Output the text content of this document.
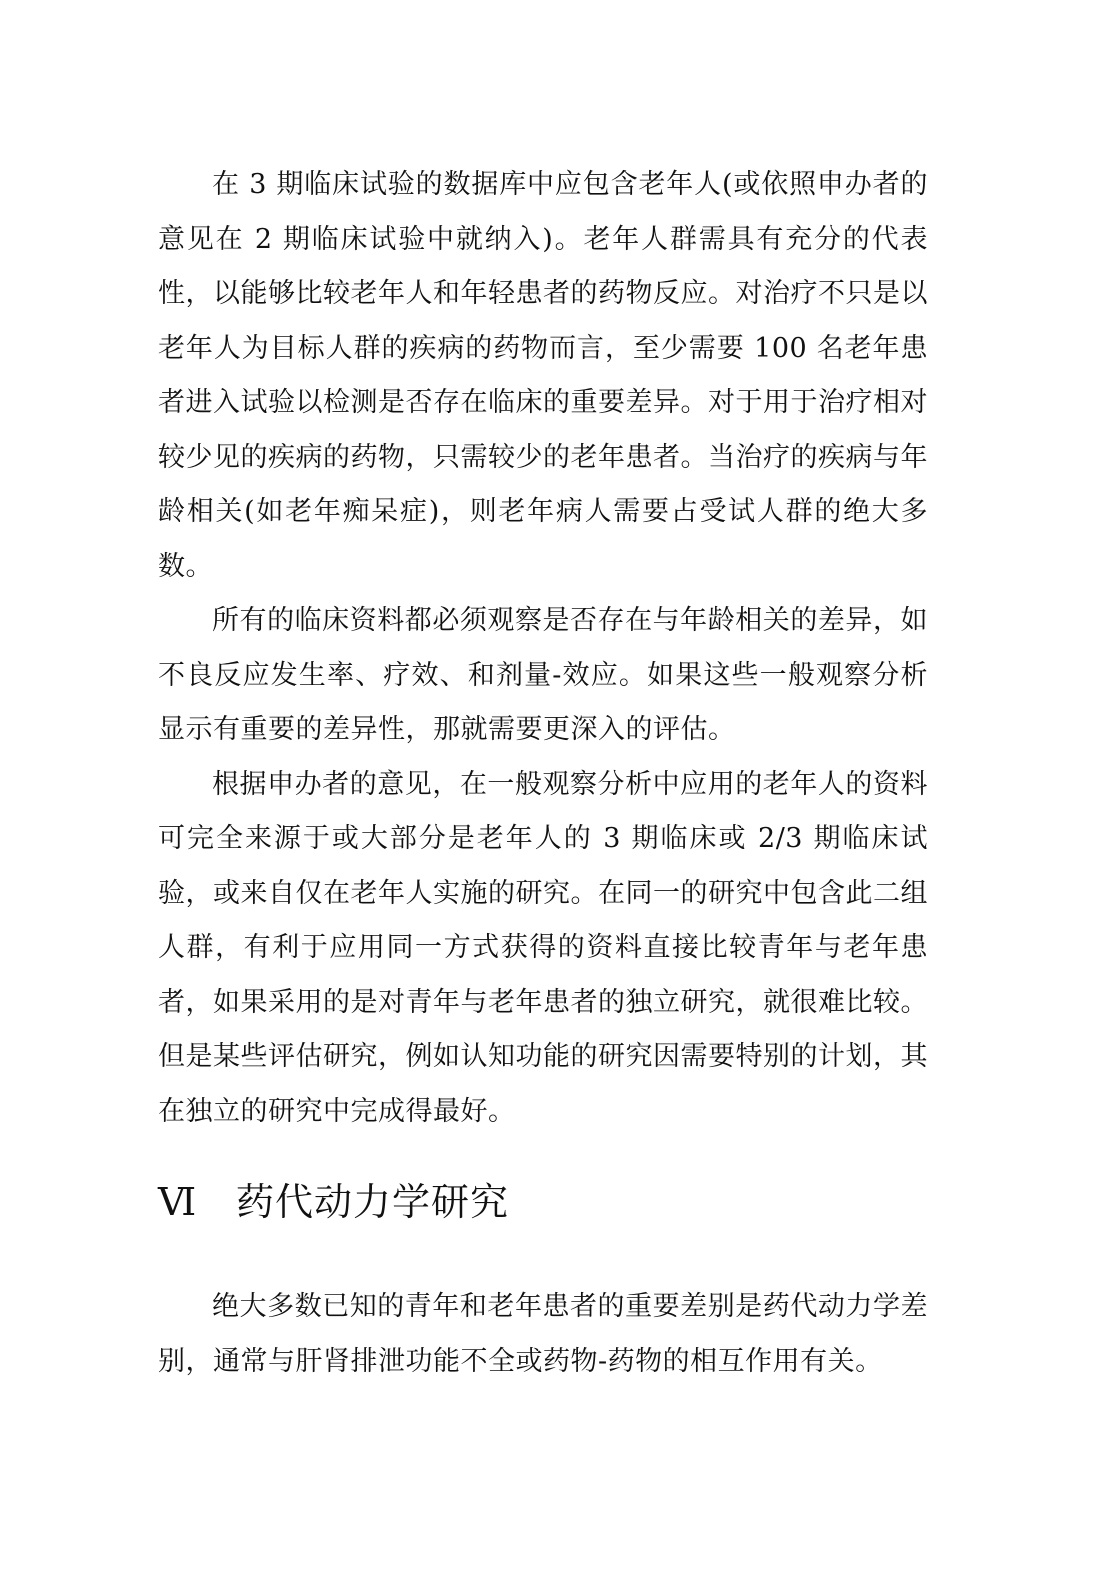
在 3 期临床试验的数据库中应包含老年人(或依照申办者的意见在 2 期临床试验中就纳入)。老年人群需具有充分的代表性，以能够比较老年人和年轻患者的药物反应。对治疗不只是以老年人为目标人群的疾病的药物而言，至少需要 100 名老年患者进入试验以检测是否存在临床的重要差异。对于用于治疗相对较少见的疾病的药物，只需较少的老年患者。当治疗的疾病与年龄相关(如老年痴呆症)，则老年病人需要占受试人群的绝大多数。

所有的临床资料都必须观察是否存在与年龄相关的差异，如不良反应发生率、疗效、和剂量-效应。如果这些一般观察分析显示有重要的差异性，那就需要更深入的评估。

根据申办者的意见，在一般观察分析中应用的老年人的资料可完全来源于或大部分是老年人的 3 期临床或 2/3 期临床试验，或来自仅在老年人实施的研究。在同一的研究中包含此二组人群，有利于应用同一方式获得的资料直接比较青年与老年患者，如果采用的是对青年与老年患者的独立研究，就很难比较。但是某些评估研究，例如认知功能的研究因需要特别的计划，其在独立的研究中完成得最好。

Ⅵ	药代动力学研究

绝大多数已知的青年和老年患者的重要差别是药代动力学差别，通常与肝肾排泄功能不全或药物-药物的相互作用有关。
